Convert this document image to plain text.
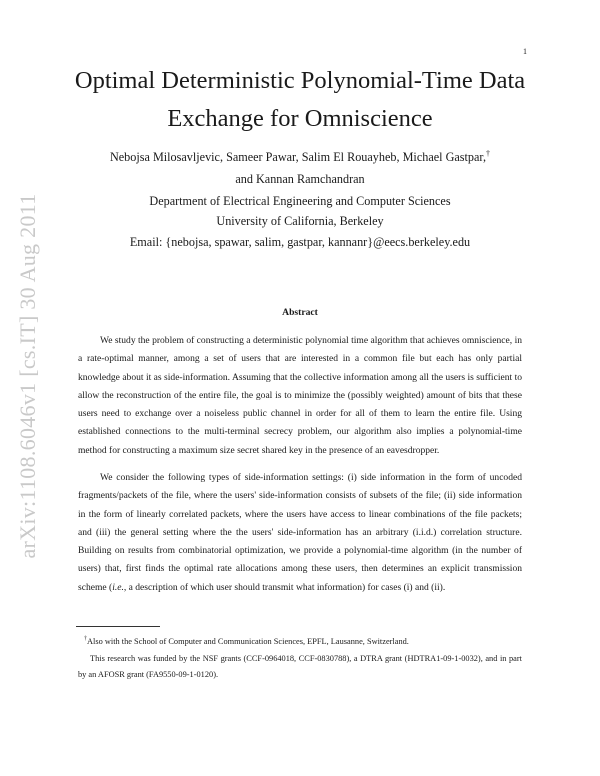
1
arXiv:1108.6046v1 [cs.IT] 30 Aug 2011
Optimal Deterministic Polynomial-Time Data Exchange for Omniscience
Nebojsa Milosavljevic, Sameer Pawar, Salim El Rouayheb, Michael Gastpar,†
and Kannan Ramchandran
Department of Electrical Engineering and Computer Sciences
University of California, Berkeley
Email: {nebojsa, spawar, salim, gastpar, kannanr}@eecs.berkeley.edu
Abstract

We study the problem of constructing a deterministic polynomial time algorithm that achieves omniscience, in a rate-optimal manner, among a set of users that are interested in a common file but each has only partial knowledge about it as side-information. Assuming that the collective information among all the users is sufficient to allow the reconstruction of the entire file, the goal is to minimize the (possibly weighted) amount of bits that these users need to exchange over a noiseless public channel in order for all of them to learn the entire file. Using established connections to the multi-terminal secrecy problem, our algorithm also implies a polynomial-time method for constructing a maximum size secret shared key in the presence of an eavesdropper.

We consider the following types of side-information settings: (i) side information in the form of uncoded fragments/packets of the file, where the users' side-information consists of subsets of the file; (ii) side information in the form of linearly correlated packets, where the users have access to linear combinations of the file packets; and (iii) the general setting where the the users' side-information has an arbitrary (i.i.d.) correlation structure. Building on results from combinatorial optimization, we provide a polynomial-time algorithm (in the number of users) that, first finds the optimal rate allocations among these users, then determines an explicit transmission scheme (i.e., a description of which user should transmit what information) for cases (i) and (ii).

†Also with the School of Computer and Communication Sciences, EPFL, Lausanne, Switzerland.

This research was funded by the NSF grants (CCF-0964018, CCF-0830788), a DTRA grant (HDTRA1-09-1-0032), and in part by an AFOSR grant (FA9550-09-1-0120).
